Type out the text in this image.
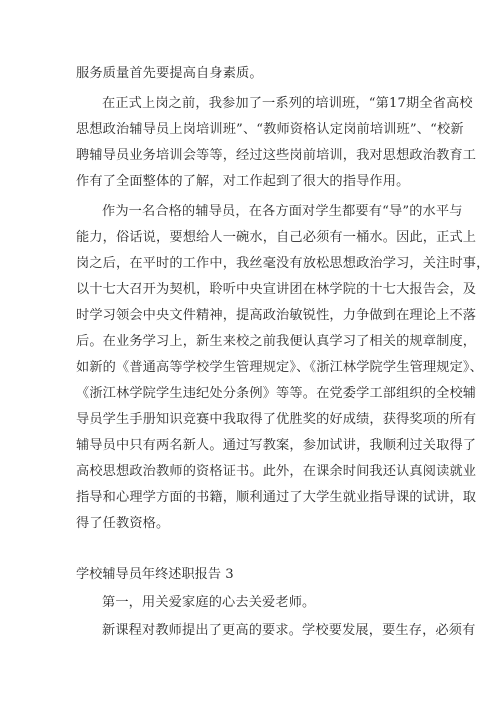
服务质量首先要提高自身素质。
在正式上岗之前，我参加了一系列的培训班，“第17期全省高校
思想政治辅导员上岗培训班”、“教师资格认定岗前培训班”、“校新
聘辅导员业务培训会等等，经过这些岗前培训，我对思想政治教育工
作有了全面整体的了解，对工作起到了很大的指导作用。
作为一名合格的辅导员，在各方面对学生都要有“导”的水平与
能力，俗话说，要想给人一碗水，自己必须有一桶水。因此，正式上
岗之后，在平时的工作中，我丝毫没有放松思想政治学习，关注时事，
以十七大召开为契机，聆听中央宣讲团在林学院的十七大报告会，及
时学习领会中央文件精神，提高政治敏锐性，力争做到在理论上不落
后。在业务学习上，新生来校之前我便认真学习了相关的规章制度，
如新的《普通高等学校学生管理规定》、《浙江林学院学生管理规定》、
《浙江林学院学生违纪处分条例》等等。在党委学工部组织的全校辅
导员学生手册知识竞赛中我取得了优胜奖的好成绩，获得奖项的所有
辅导员中只有两名新人。通过写教案，参加试讲，我顺利过关取得了
高校思想政治教师的资格证书。此外，在课余时间我还认真阅读就业
指导和心理学方面的书籍，顺利通过了大学生就业指导课的试讲，取
得了任教资格。
学校辅导员年终述职报告 3
第一，用关爱家庭的心去关爱老师。
新课程对教师提出了更高的要求。学校要发展，要生存，必须有
